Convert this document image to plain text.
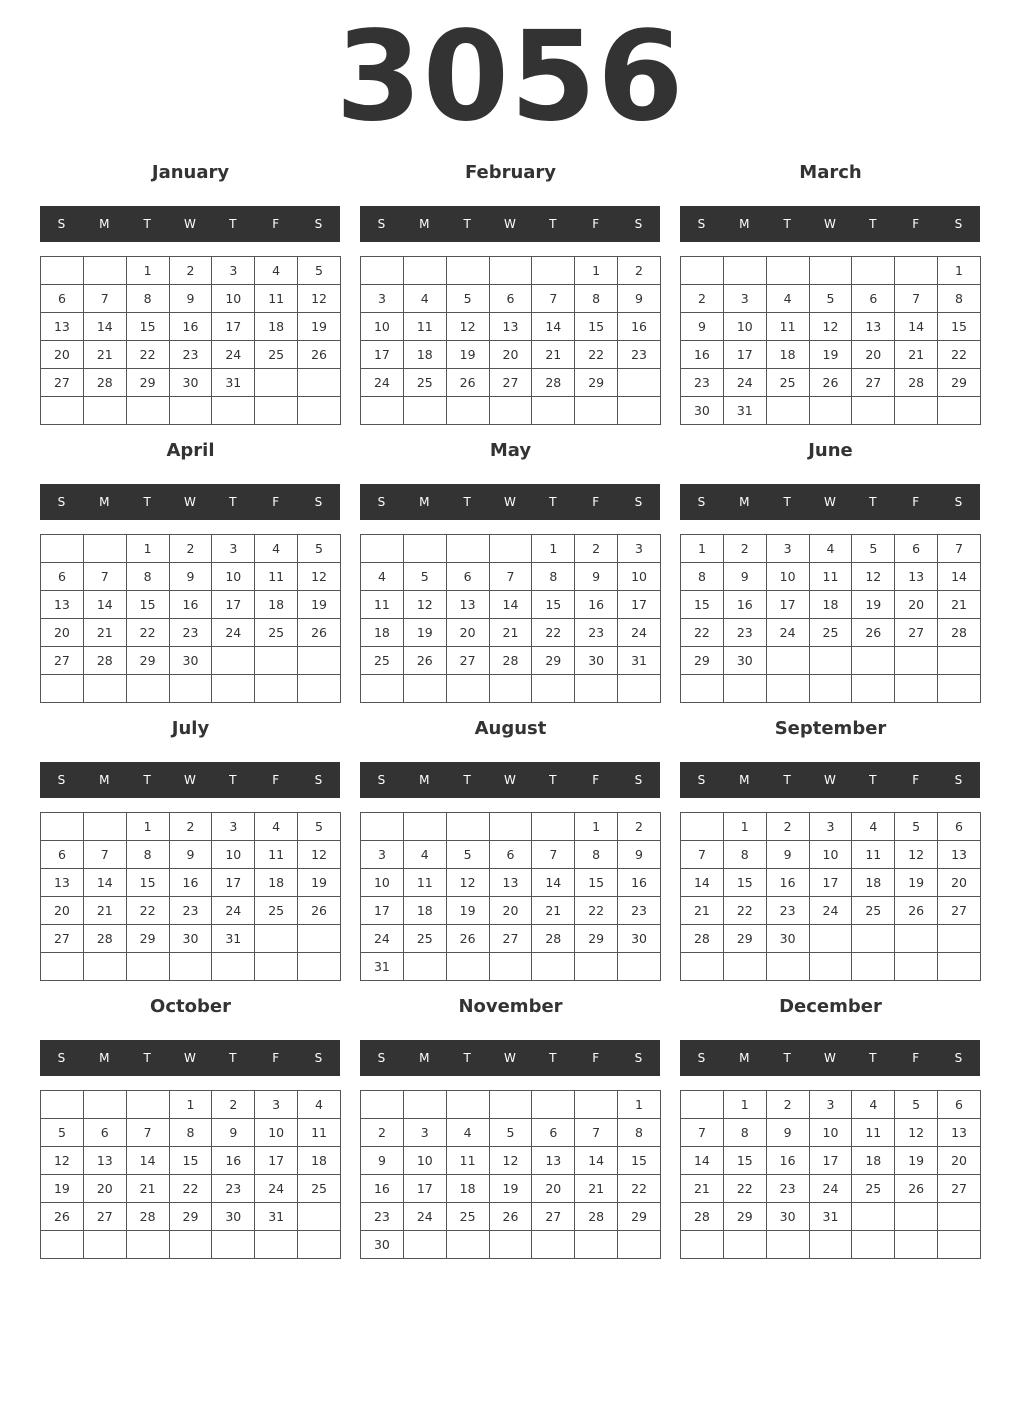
3056
January
S	M	T	W	T	F	S
		1	2	3	4	5
6	7	8	9	10	11	12
13	14	15	16	17	18	19
20	21	22	23	24	25	26
27	28	29	30	31		

February
S	M	T	W	T	F	S
					1	2
3	4	5	6	7	8	9
10	11	12	13	14	15	16
17	18	19	20	21	22	23
24	25	26	27	28	29	

March
S	M	T	W	T	F	S
						1
2	3	4	5	6	7	8
9	10	11	12	13	14	15
16	17	18	19	20	21	22
23	24	25	26	27	28	29
30	31					
April
S	M	T	W	T	F	S
		1	2	3	4	5
6	7	8	9	10	11	12
13	14	15	16	17	18	19
20	21	22	23	24	25	26
27	28	29	30			

May
S	M	T	W	T	F	S
				1	2	3
4	5	6	7	8	9	10
11	12	13	14	15	16	17
18	19	20	21	22	23	24
25	26	27	28	29	30	31

June
S	M	T	W	T	F	S
1	2	3	4	5	6	7
8	9	10	11	12	13	14
15	16	17	18	19	20	21
22	23	24	25	26	27	28
29	30					

July
S	M	T	W	T	F	S
		1	2	3	4	5
6	7	8	9	10	11	12
13	14	15	16	17	18	19
20	21	22	23	24	25	26
27	28	29	30	31		

August
S	M	T	W	T	F	S
					1	2
3	4	5	6	7	8	9
10	11	12	13	14	15	16
17	18	19	20	21	22	23
24	25	26	27	28	29	30
31						
September
S	M	T	W	T	F	S
	1	2	3	4	5	6
7	8	9	10	11	12	13
14	15	16	17	18	19	20
21	22	23	24	25	26	27
28	29	30				

October
S	M	T	W	T	F	S
			1	2	3	4
5	6	7	8	9	10	11
12	13	14	15	16	17	18
19	20	21	22	23	24	25
26	27	28	29	30	31	

November
S	M	T	W	T	F	S
						1
2	3	4	5	6	7	8
9	10	11	12	13	14	15
16	17	18	19	20	21	22
23	24	25	26	27	28	29
30						
December
S	M	T	W	T	F	S
	1	2	3	4	5	6
7	8	9	10	11	12	13
14	15	16	17	18	19	20
21	22	23	24	25	26	27
28	29	30	31			
